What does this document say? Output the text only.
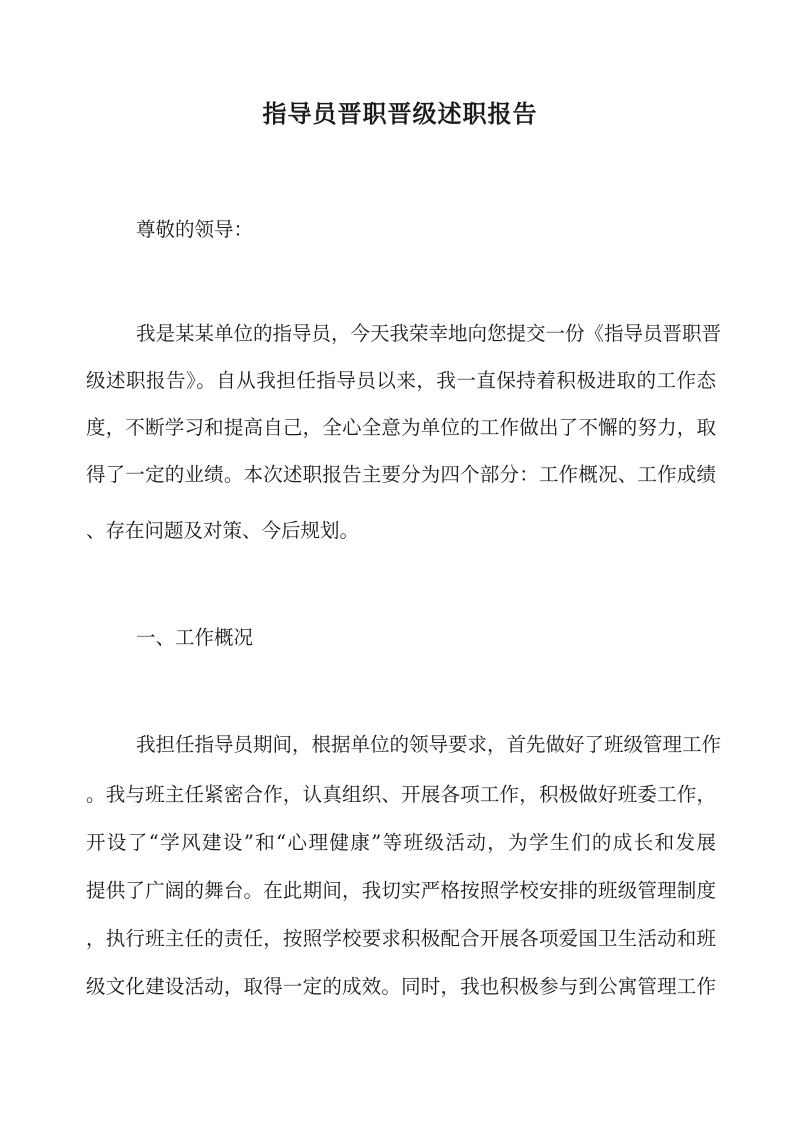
指导员晋职晋级述职报告
尊敬的领导：
我是某某单位的指导员，今天我荣幸地向您提交一份《指导员晋职晋
级述职报告》。自从我担任指导员以来，我一直保持着积极进取的工作态
度，不断学习和提高自己，全心全意为单位的工作做出了不懈的努力，取
得了一定的业绩。本次述职报告主要分为四个部分：工作概况、工作成绩
、存在问题及对策、今后规划。
一、工作概况
我担任指导员期间，根据单位的领导要求，首先做好了班级管理工作
。我与班主任紧密合作，认真组织、开展各项工作，积极做好班委工作，
开设了“学风建设”和“心理健康”等班级活动，为学生们的成长和发展
提供了广阔的舞台。在此期间，我切实严格按照学校安排的班级管理制度
，执行班主任的责任，按照学校要求积极配合开展各项爱国卫生活动和班
级文化建设活动，取得一定的成效。同时，我也积极参与到公寓管理工作
